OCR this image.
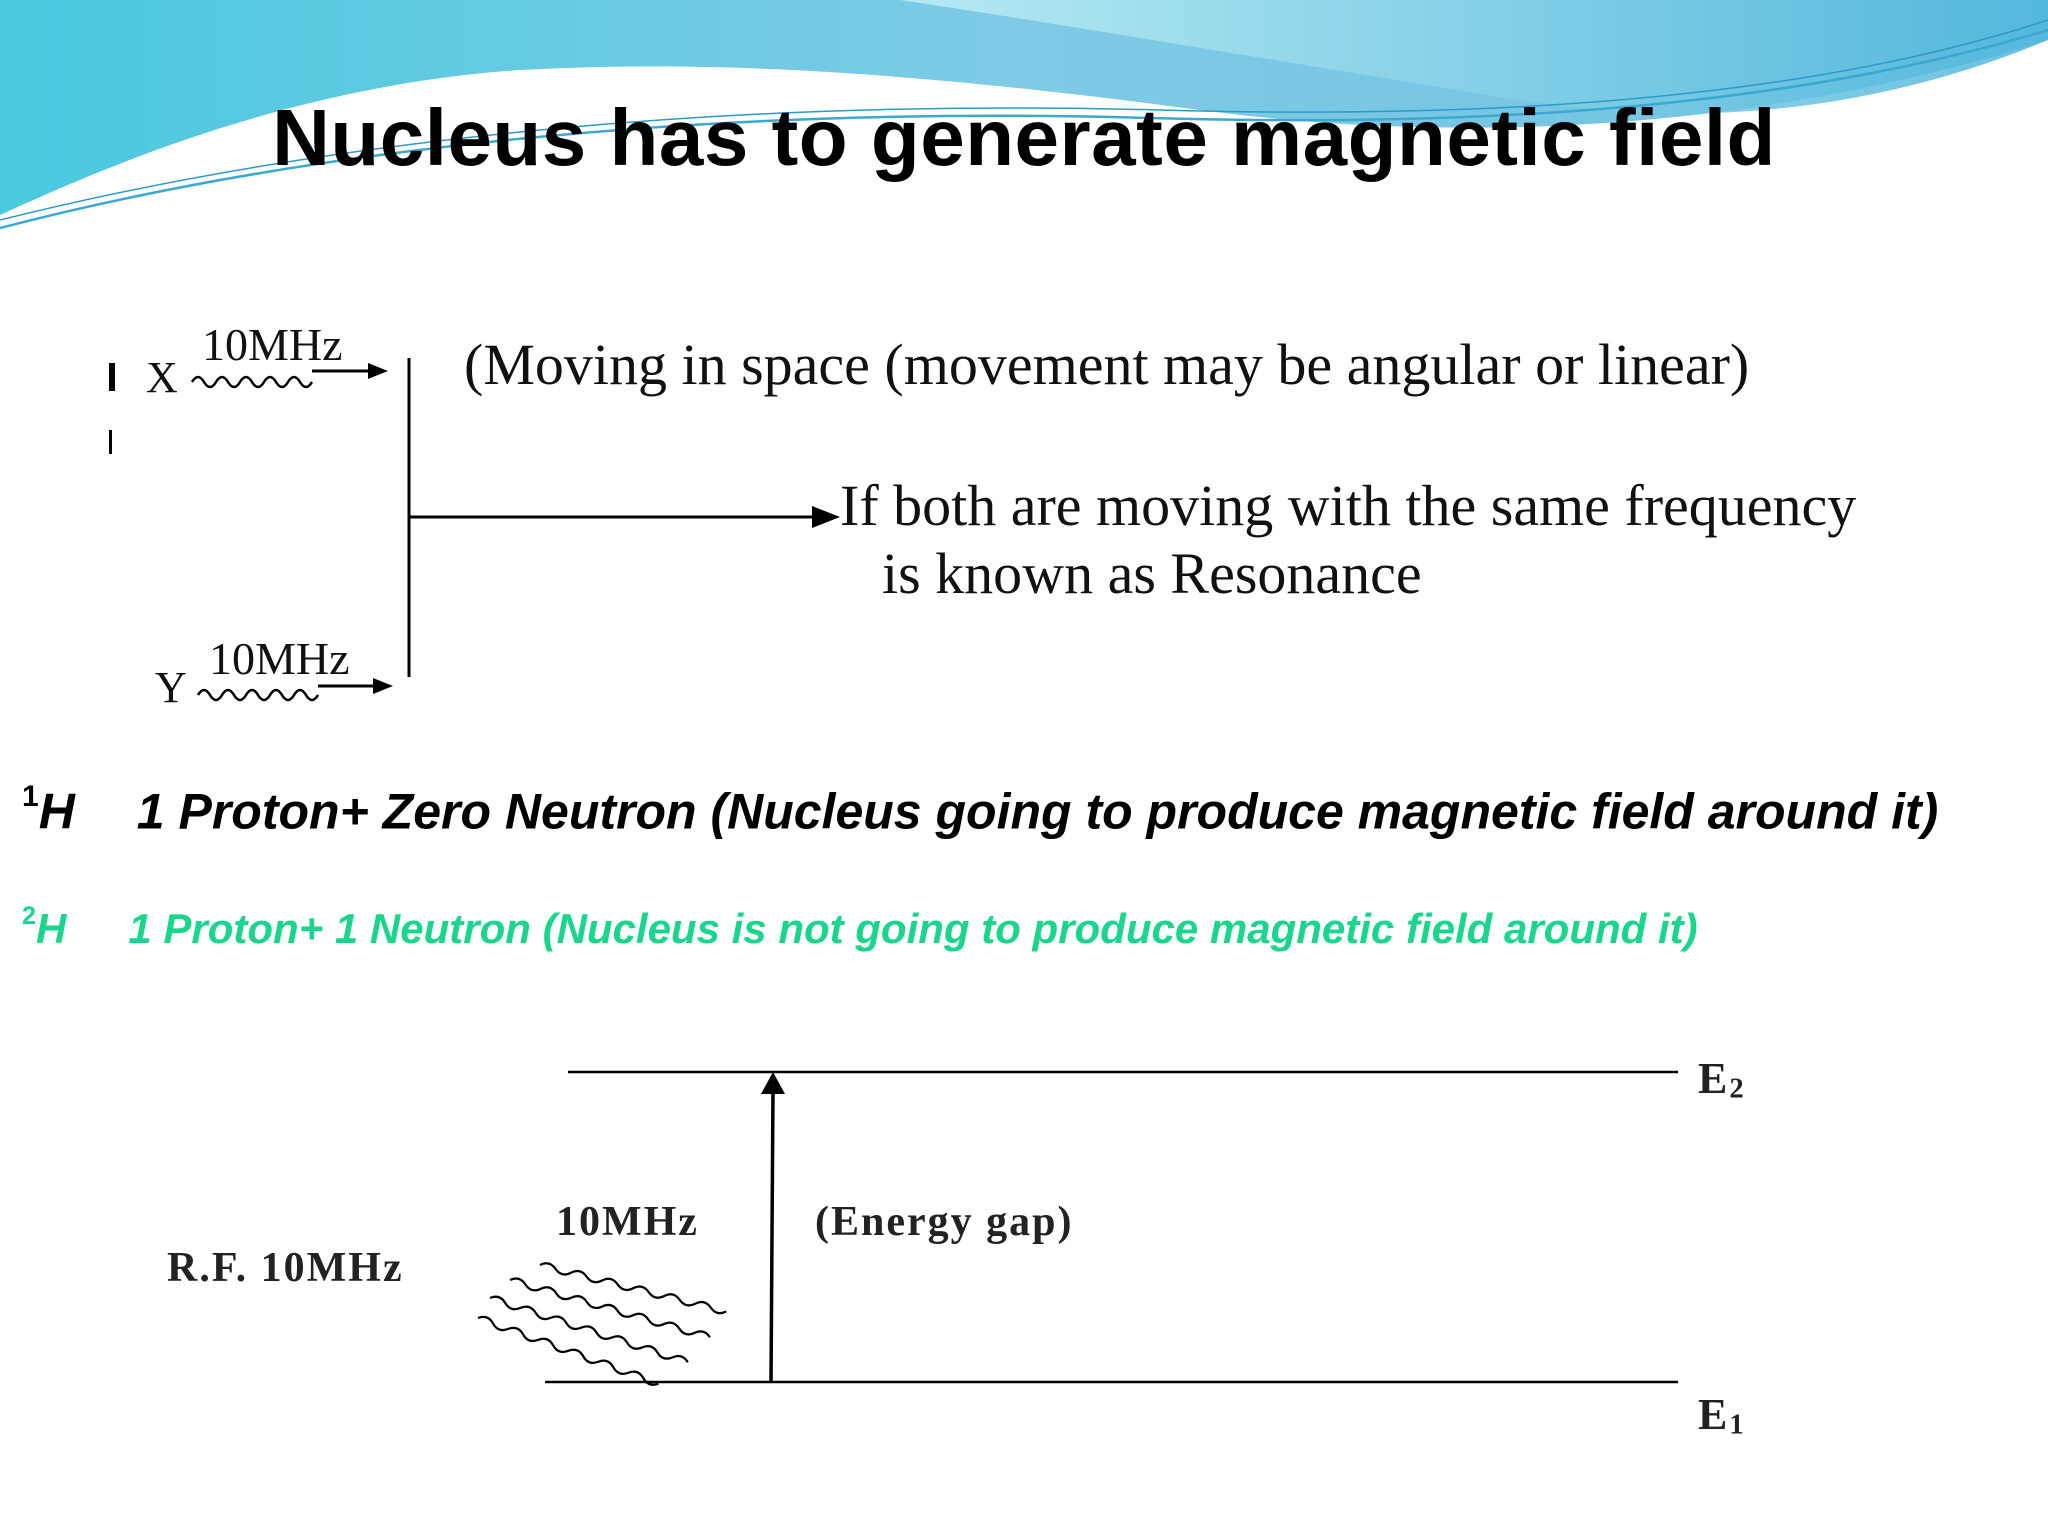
Nucleus has to generate magnetic field
X
10MHz
Y
10MHz
(Moving in space (movement may be angular or linear)
If both are moving with the same frequency
is known as Resonance
$^1$H 1 Proton+ Zero Neutron (Nucleus going to produce magnetic field around it)
$^2$H 1 Proton+ 1 Neutron (Nucleus is not going to produce magnetic field around it)
E2
E1
10MHz	(Energy gap)
R.F. 10MHz
